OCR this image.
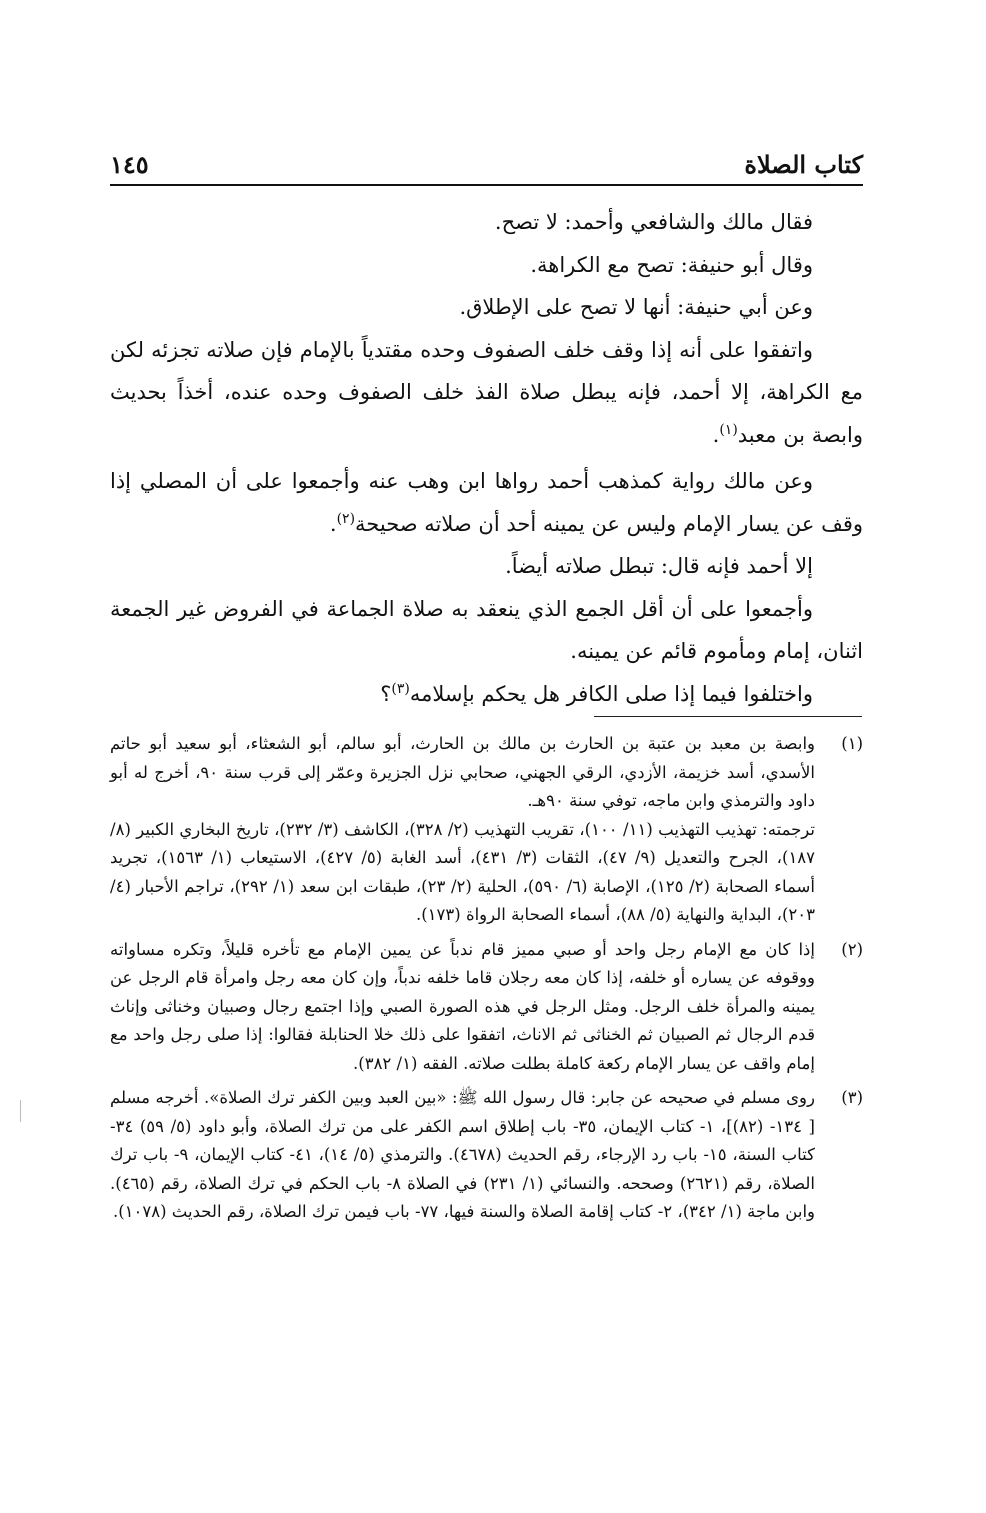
كتاب الصلاة
١٤٥

فقال مالك والشافعي وأحمد: لا تصح.

وقال أبو حنيفة: تصح مع الكراهة.

وعن أبي حنيفة: أنها لا تصح على الإطلاق.

واتفقوا على أنه إذا وقف خلف الصفوف وحده مقتدياً بالإمام فإن صلاته تجزئه لكن مع الكراهة، إلا أحمد، فإنه يبطل صلاة الفذ خلف الصفوف وحده عنده، أخذاً بحديث وابصة بن معبد$^{(١)}$.

وعن مالك رواية كمذهب أحمد رواها ابن وهب عنه وأجمعوا على أن المصلي إذا وقف عن يسار الإمام وليس عن يمينه أحد أن صلاته صحيحة$^{(٢)}$.

إلا أحمد فإنه قال: تبطل صلاته أيضاً.

وأجمعوا على أن أقل الجمع الذي ينعقد به صلاة الجماعة في الفروض غير الجمعة اثنان، إمام ومأموم قائم عن يمينه.

واختلفوا فيما إذا صلى الكافر هل يحكم بإسلامه$^{(٣)}$؟

(١)
وابصة بن معبد بن عتبة بن الحارث بن مالك بن الحارث، أبو سالم، أبو الشعثاء، أبو سعيد أبو حاتم الأسدي، أسد خزيمة، الأزدي، الرقي الجهني، صحابي نزل الجزيرة وعمّر إلى قرب سنة ٩٠، أخرج له أبو داود والترمذي وابن ماجه، توفي سنة ٩٠هـ.
ترجمته: تهذيب التهذيب (١١/ ١٠٠)، تقريب التهذيب (٢/ ٣٢٨)، الكاشف (٣/ ٢٣٢)، تاريخ البخاري الكبير (٨/ ١٨٧)، الجرح والتعديل (٩/ ٤٧)، الثقات (٣/ ٤٣١)، أسد الغابة (٥/ ٤٢٧)، الاستيعاب (١/ ١٥٦٣)، تجريد أسماء الصحابة (٢/ ١٢٥)، الإصابة (٦/ ٥٩٠)، الحلية (٢/ ٢٣)، طبقات ابن سعد (١/ ٢٩٢)، تراجم الأحبار (٤/ ٢٠٣)، البداية والنهاية (٥/ ٨٨)، أسماء الصحابة الرواة (١٧٣).
(٢)
إذا كان مع الإمام رجل واحد أو صبي مميز قام ندباً عن يمين الإمام مع تأخره قليلاً، وتكره مساواته ووقوفه عن يساره أو خلفه، إذا كان معه رجلان قاما خلفه ندباً، وإن كان معه رجل وامرأة قام الرجل عن يمينه والمرأة خلف الرجل. ومثل الرجل في هذه الصورة الصبي وإذا اجتمع رجال وصبيان وخناثى وإناث قدم الرجال ثم الصبيان ثم الخناثى ثم الاناث، اتفقوا على ذلك خلا الحنابلة فقالوا: إذا صلى رجل واحد مع إمام واقف عن يسار الإمام ركعة كاملة بطلت صلاته. الفقه (١/ ٣٨٢).
(٣)
روى مسلم في صحيحه عن جابر: قال رسول الله ﷺ: «بين العبد وبين الكفر ترك الصلاة». أخرجه مسلم [ ١٣٤- (٨٢)]، ١- كتاب الإيمان، ٣٥- باب إطلاق اسم الكفر على من ترك الصلاة، وأبو داود (٥/ ٥٩) ٣٤- كتاب السنة، ١٥- باب رد الإرجاء، رقم الحديث (٤٦٧٨). والترمذي (٥/ ١٤)، ٤١- كتاب الإيمان، ٩- باب ترك الصلاة، رقم (٢٦٢١) وصححه. والنسائي (١/ ٢٣١) في الصلاة ٨- باب الحكم في ترك الصلاة، رقم (٤٦٥). وابن ماجة (١/ ٣٤٢)، ٢- كتاب إقامة الصلاة والسنة فيها، ٧٧- باب فيمن ترك الصلاة، رقم الحديث (١٠٧٨).
